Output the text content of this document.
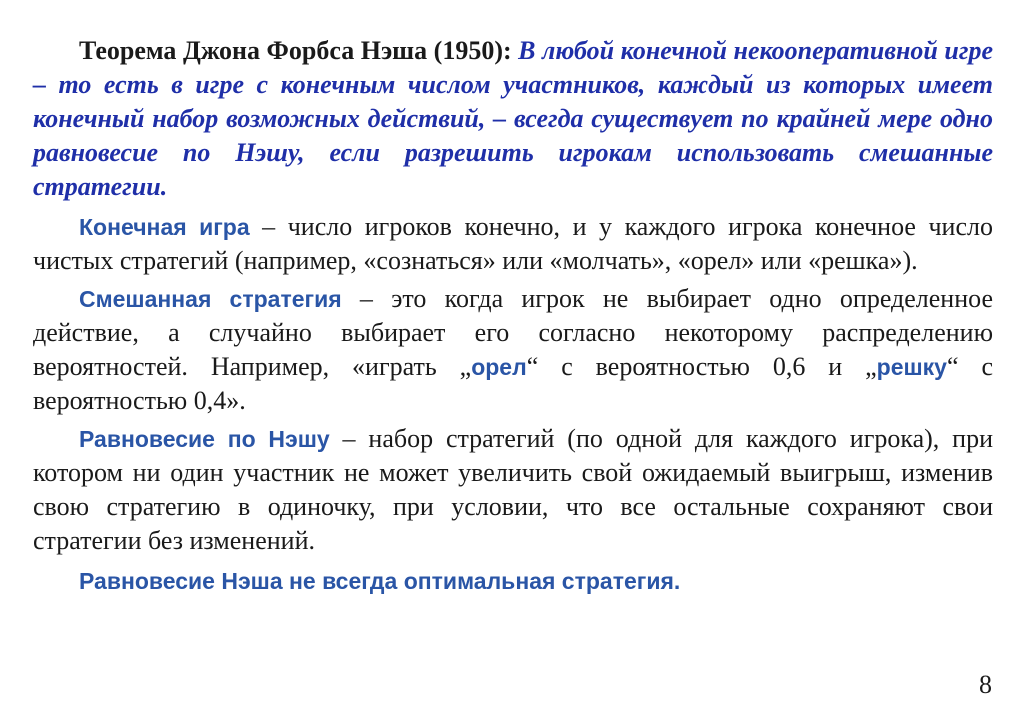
Теорема Джона Форбса Нэша (1950): В любой конечной некооперативной игре – то есть в игре с конечным числом участников, каждый из которых имеет конечный набор возможных действий, – всегда существует по крайней мере одно равновесие по Нэшу, если разрешить игрокам использовать смешанные стратегии.

Конечная игра – число игроков конечно, и у каждого игрока конечное число чистых стратегий (например, «сознаться» или «молчать», «орел» или «решка»).

Смешанная стратегия – это когда игрок не выбирает одно определенное действие, а случайно выбирает его согласно некоторому распределению вероятностей. Например, «играть „орел“ с вероятностью 0,6 и „решку“ с вероятностью 0,4».

Равновесие по Нэшу – набор стратегий (по одной для каждого игрока), при котором ни один участник не может увеличить свой ожидаемый выигрыш, изменив свою стратегию в одиночку, при условии, что все остальные сохраняют свои стратегии без изменений.

Равновесие Нэша не всегда оптимальная стратегия.

8
